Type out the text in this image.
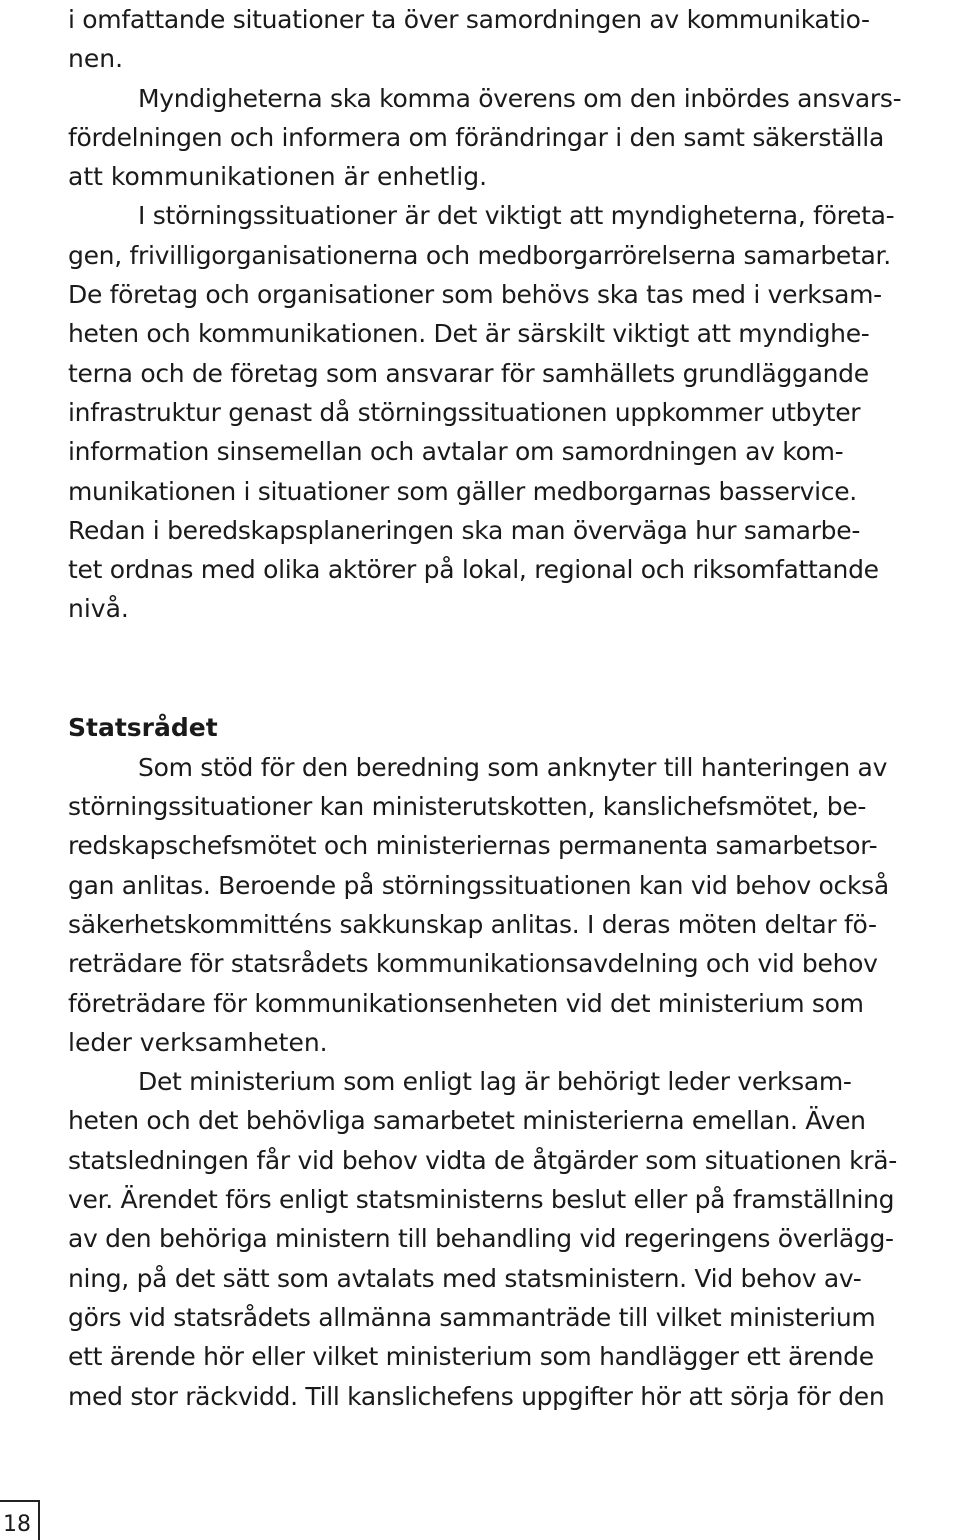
i omfattande situationer ta över samordningen av kommunikatio-
nen.
Myndigheterna ska komma överens om den inbördes ansvars-
fördelningen och informera om förändringar i den samt säkerställa
att kommunikationen är enhetlig.
I störningssituationer är det viktigt att myndigheterna, företa-
gen, frivilligorganisationerna och medborgarrörelserna samarbetar.
De företag och organisationer som behövs ska tas med i verksam-
heten och kommunikationen. Det är särskilt viktigt att myndighe-
terna och de företag som ansvarar för samhällets grundläggande
infrastruktur genast då störningssituationen uppkommer utbyter
information sinsemellan och avtalar om samordningen av kom-
munikationen i situationer som gäller medborgarnas basservice.
Redan i beredskapsplaneringen ska man överväga hur samarbe-
tet ordnas med olika aktörer på lokal, regional och riksomfattande
nivå.
Statsrådet
Som stöd för den beredning som anknyter till hanteringen av
störningssituationer kan ministerutskotten, kanslichefsmötet, be-
redskapschefsmötet och ministeriernas permanenta samarbetsor-
gan anlitas. Beroende på störningssituationen kan vid behov också
säkerhetskommitténs sakkunskap anlitas. I deras möten deltar fö-
reträdare för statsrådets kommunikationsavdelning och vid behov
företrädare för kommunikationsenheten vid det ministerium som
leder verksamheten.
Det ministerium som enligt lag är behörigt leder verksam-
heten och det behövliga samarbetet ministerierna emellan. Även
statsledningen får vid behov vidta de åtgärder som situationen krä-
ver. Ärendet förs enligt statsministerns beslut eller på framställning
av den behöriga ministern till behandling vid regeringens överlägg-
ning, på det sätt som avtalats med statsministern. Vid behov av-
görs vid statsrådets allmänna sammanträde till vilket ministerium
ett ärende hör eller vilket ministerium som handlägger ett ärende
med stor räckvidd. Till kanslichefens uppgifter hör att sörja för den
18
